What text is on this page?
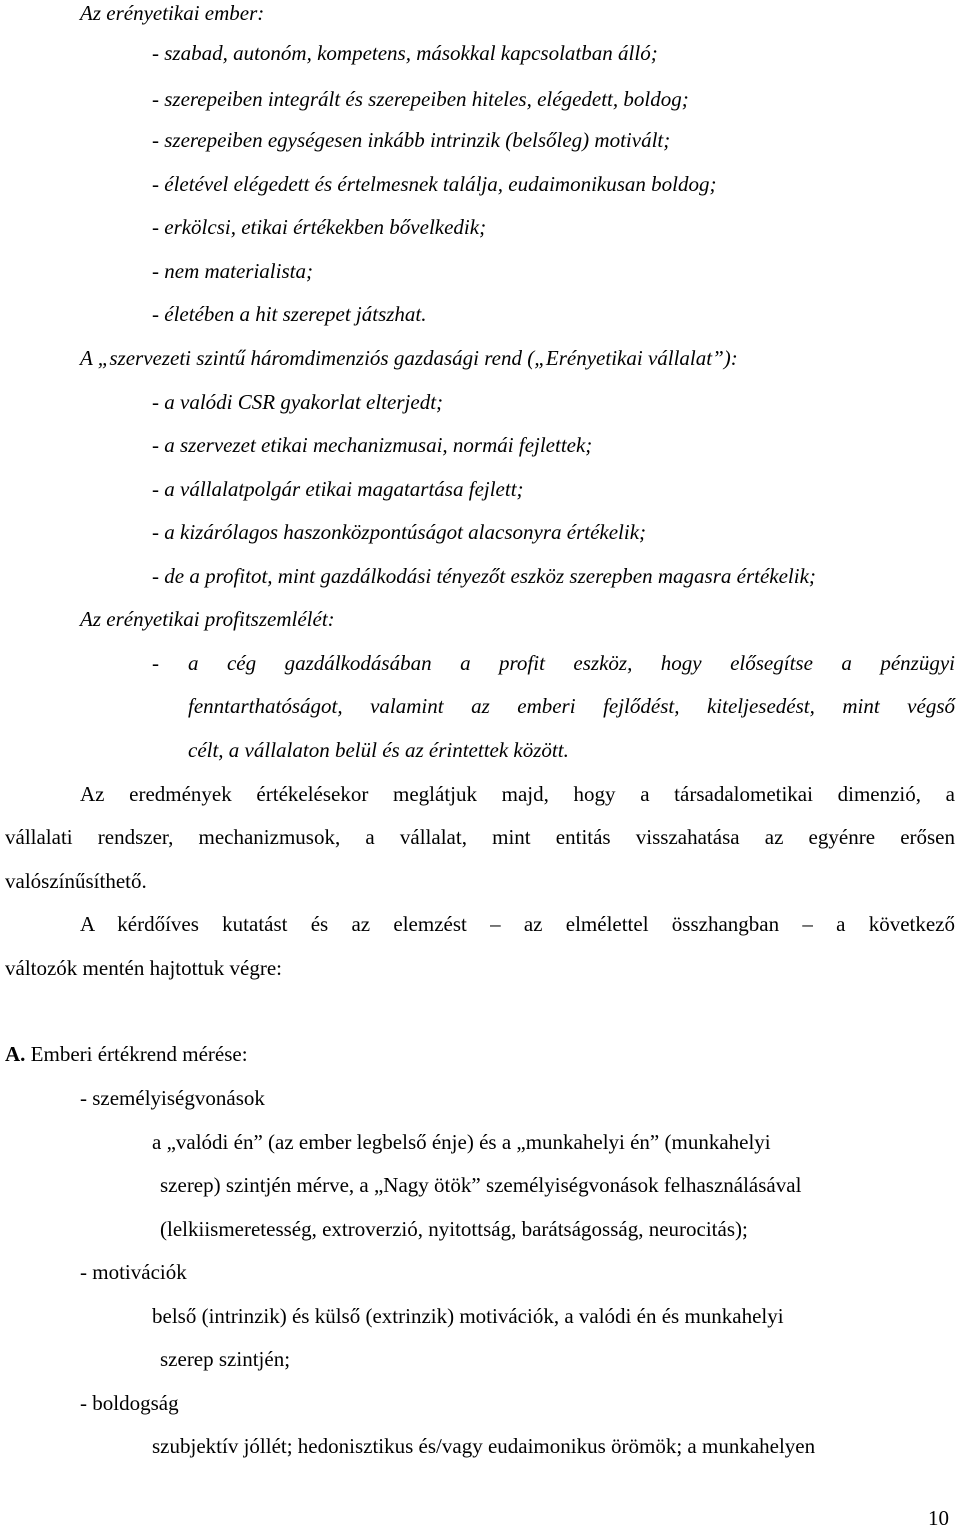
Az erényetikai ember:
- szabad, autonóm, kompetens, másokkal kapcsolatban álló;
- szerepeiben integrált és szerepeiben hiteles, elégedett, boldog;
- szerepeiben egységesen inkább intrinzik (belsőleg) motivált;
- életével elégedett és értelmesnek találja, eudaimonikusan boldog;
- erkölcsi, etikai értékekben bővelkedik;
- nem materialista;
- életében a hit szerepet játszhat.
A „szervezeti szintű háromdimenziós gazdasági rend („Erényetikai vállalat”):
- a valódi CSR gyakorlat elterjedt;
- a szervezet etikai mechanizmusai, normái fejlettek;
- a vállalatpolgár etikai magatartása fejlett;
- a kizárólagos haszonközpontúságot alacsonyra értékelik;
- de a profitot, mint gazdálkodási tényezőt eszköz szerepben magasra értékelik;
Az erényetikai profitszemlélét:
- a cég gazdálkodásában a profit eszköz, hogy elősegítse a pénzügyi
fenntarthatóságot, valamint az emberi fejlődést, kiteljesedést, mint végső
célt, a vállalaton belül és az érintettek között.
Az eredmények értékelésekor meglátjuk majd, hogy a társadalometikai dimenzió, a
vállalati rendszer, mechanizmusok, a vállalat, mint entitás visszahatása az egyénre erősen
valószínűsíthető.
A kérdőíves kutatást és az elemzést – az elmélettel összhangban – a következő
változók mentén hajtottuk végre:
A. Emberi értékrend mérése:
- személyiségvonások
a „valódi én” (az ember legbelső énje) és a „munkahelyi én” (munkahelyi
szerep) szintjén mérve, a „Nagy ötök” személyiségvonások felhasználásával
(lelkiismeretesség, extroverzió, nyitottság, barátságosság, neurocitás);
- motivációk
belső (intrinzik) és külső (extrinzik) motivációk, a valódi én és munkahelyi
szerep szintjén;
- boldogság
szubjektív jóllét; hedonisztikus és/vagy eudaimonikus örömök; a munkahelyen
10
